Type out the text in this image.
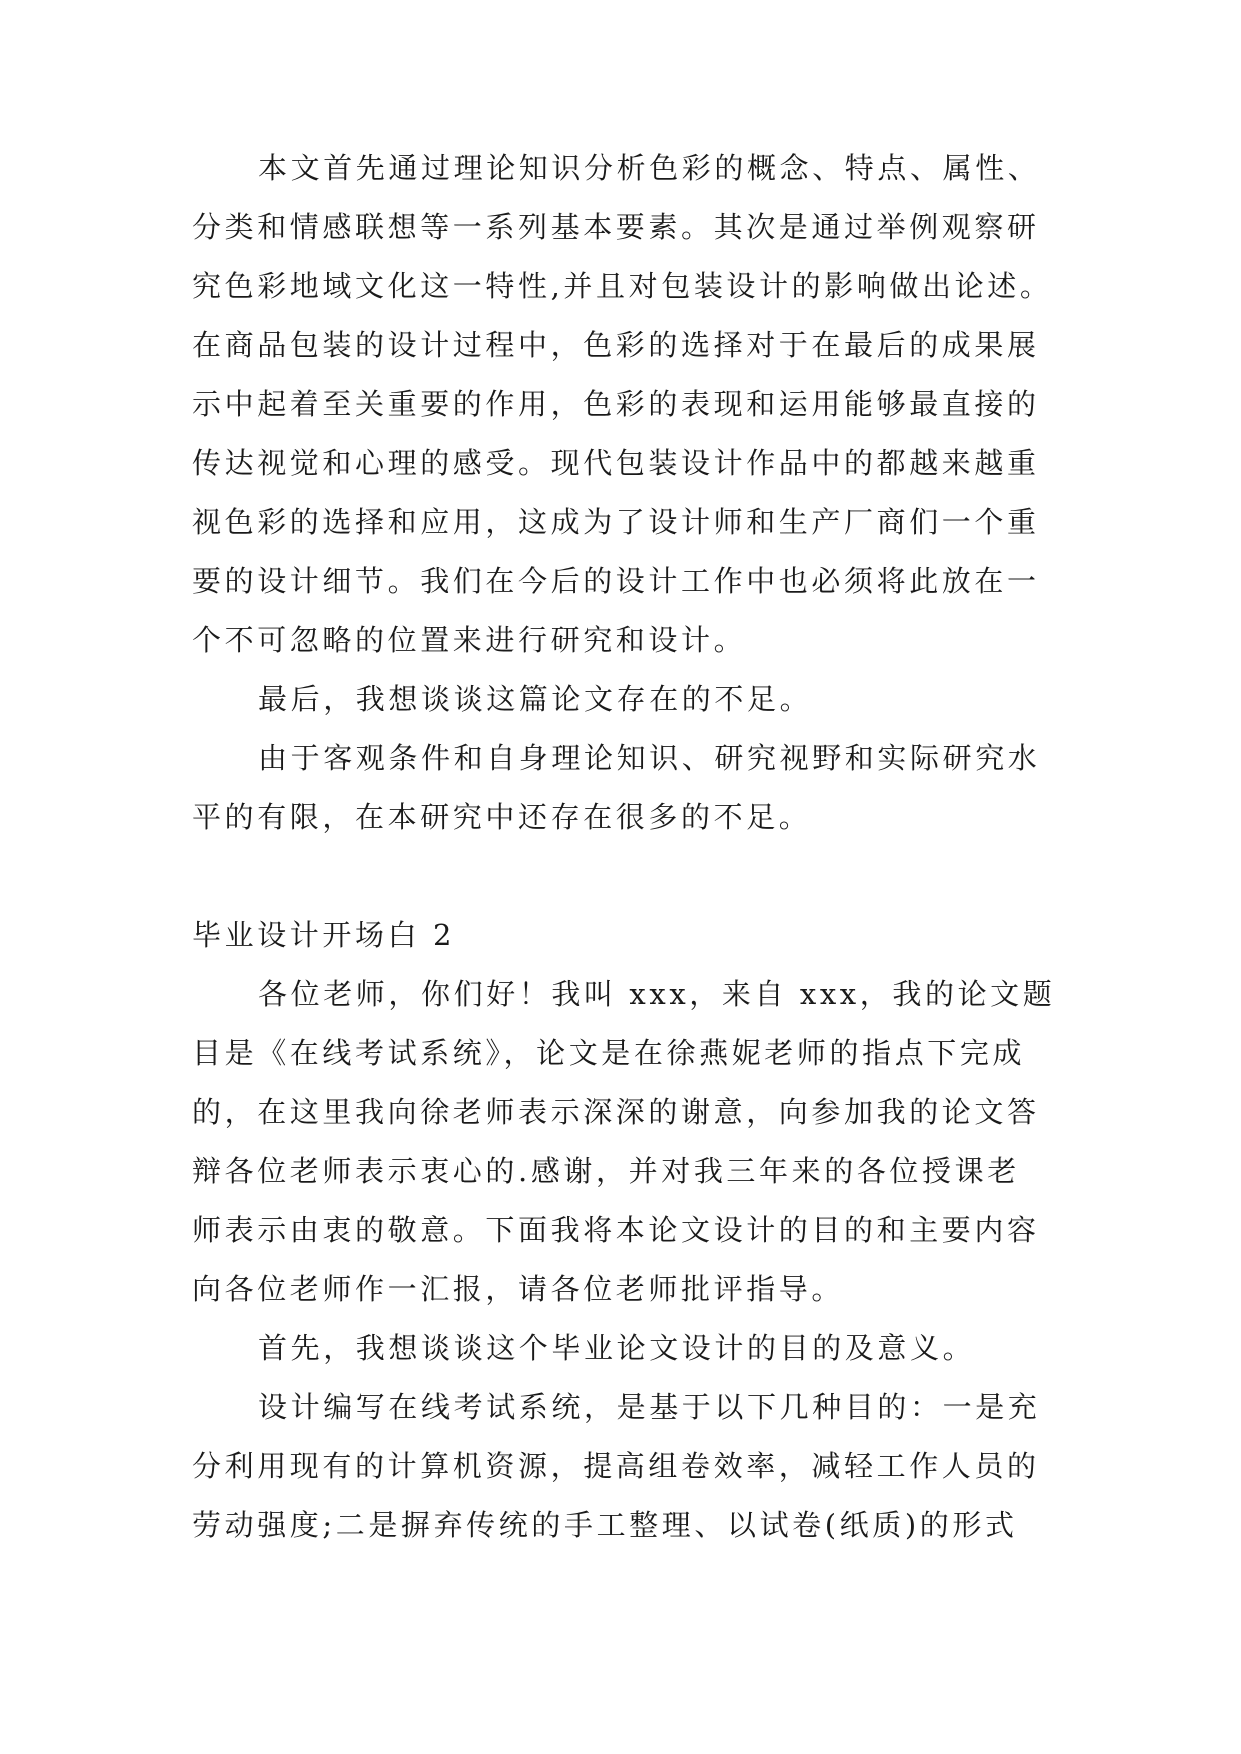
本文首先通过理论知识分析色彩的概念、特点、属性、
分类和情感联想等一系列基本要素。其次是通过举例观察研
究色彩地域文化这一特性,并且对包装设计的影响做出论述。
在商品包装的设计过程中，色彩的选择对于在最后的成果展
示中起着至关重要的作用，色彩的表现和运用能够最直接的
传达视觉和心理的感受。现代包装设计作品中的都越来越重
视色彩的选择和应用，这成为了设计师和生产厂商们一个重
要的设计细节。我们在今后的设计工作中也必须将此放在一
个不可忽略的位置来进行研究和设计。
最后，我想谈谈这篇论文存在的不足。
由于客观条件和自身理论知识、研究视野和实际研究水
平的有限，在本研究中还存在很多的不足。
毕业设计开场白 2
各位老师，你们好！我叫 xxx，来自 xxx，我的论文题
目是《在线考试系统》，论文是在徐燕妮老师的指点下完成
的，在这里我向徐老师表示深深的谢意，向参加我的论文答
辩各位老师表示衷心的.感谢，并对我三年来的各位授课老
师表示由衷的敬意。下面我将本论文设计的目的和主要内容
向各位老师作一汇报，请各位老师批评指导。
首先，我想谈谈这个毕业论文设计的目的及意义。
设计编写在线考试系统，是基于以下几种目的：一是充
分利用现有的计算机资源，提高组卷效率，减轻工作人员的
劳动强度;二是摒弃传统的手工整理、以试卷(纸质)的形式
